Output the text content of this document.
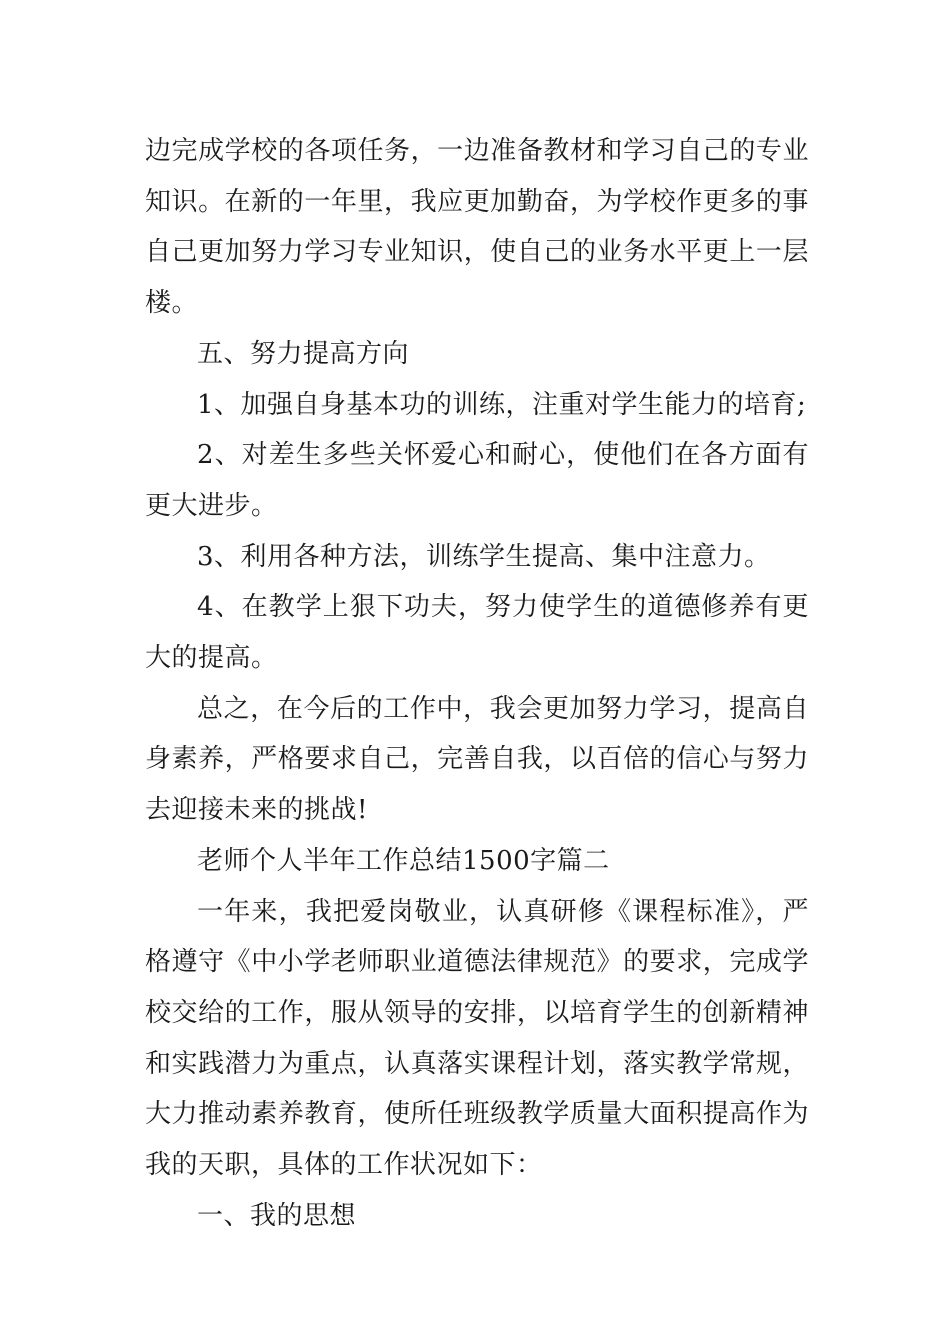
边完成学校的各项任务，一边准备教材和学习自己的专业知识。在新的一年里，我应更加勤奋，为学校作更多的事自己更加努力学习专业知识，使自己的业务水平更上一层楼。

五、努力提高方向

1、加强自身基本功的训练，注重对学生能力的培育;

2、对差生多些关怀爱心和耐心，使他们在各方面有更大进步。

3、利用各种方法，训练学生提高、集中注意力。

4、在教学上狠下功夫，努力使学生的道德修养有更大的提高。

总之，在今后的工作中，我会更加努力学习，提高自身素养，严格要求自己，完善自我，以百倍的信心与努力去迎接未来的挑战!

老师个人半年工作总结1500字篇二

一年来，我把爱岗敬业，认真研修《课程标准》，严格遵守《中小学老师职业道德法律规范》的要求，完成学校交给的工作，服从领导的安排，以培育学生的创新精神和实践潜力为重点，认真落实课程计划，落实教学常规，大力推动素养教育，使所任班级教学质量大面积提高作为我的天职，具体的工作状况如下：

一、我的思想
